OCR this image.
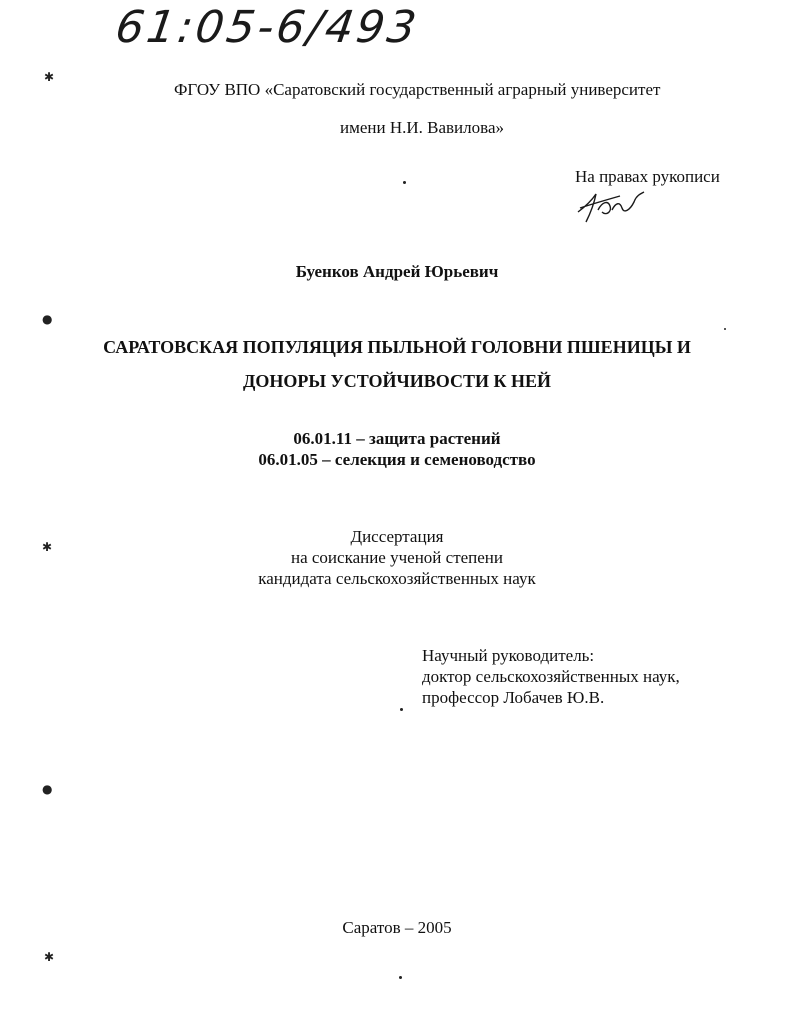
61:05-6/493
✱
●
✱
●
✱
ФГОУ ВПО «Саратовский государственный аграрный университет
имени Н.И. Вавилова»
На правах рукописи
Буенков Андрей Юрьевич
САРАТОВСКАЯ ПОПУЛЯЦИЯ ПЫЛЬНОЙ ГОЛОВНИ ПШЕНИЦЫ И
ДОНОРЫ УСТОЙЧИВОСТИ К НЕЙ
06.01.11 – защита растений
06.01.05 – селекция и семеноводство
Диссертация
на соискание ученой степени
кандидата сельскохозяйственных наук
Научный руководитель:
доктор сельскохозяйственных наук,
профессор Лобачев Ю.В.
Саратов – 2005
